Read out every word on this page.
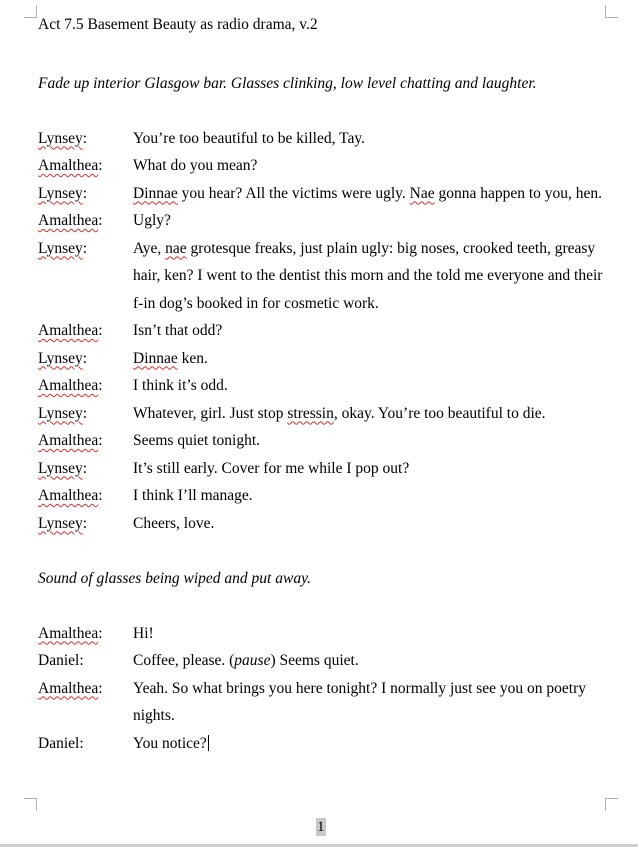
Act 7.5 Basement Beauty as radio drama, v.2
Fade up interior Glasgow bar. Glasses clinking, low level chatting and laughter.
Lynsey:	You’re too beautiful to be killed, Tay.
Amalthea:	What do you mean?
Lynsey:	Dinnae you hear? All the victims were ugly. Nae gonna happen to you, hen.
Amalthea:	Ugly?
Lynsey:	Aye, nae grotesque freaks, just plain ugly: big noses, crooked teeth, greasy hair, ken? I went to the dentist this morn and the told me everyone and their f-in dog’s booked in for cosmetic work.
Amalthea:	Isn’t that odd?
Lynsey:	Dinnae ken.
Amalthea:	I think it’s odd.
Lynsey:	Whatever, girl. Just stop stressin, okay. You’re too beautiful to die.
Amalthea:	Seems quiet tonight.
Lynsey:	It’s still early. Cover for me while I pop out?
Amalthea:	I think I’ll manage.
Lynsey:	Cheers, love.
Sound of glasses being wiped and put away.
Amalthea:	Hi!
Daniel:	Coffee, please. (pause) Seems quiet.
Amalthea:	Yeah. So what brings you here tonight? I normally just see you on poetry nights.
Daniel:	You notice?
1
